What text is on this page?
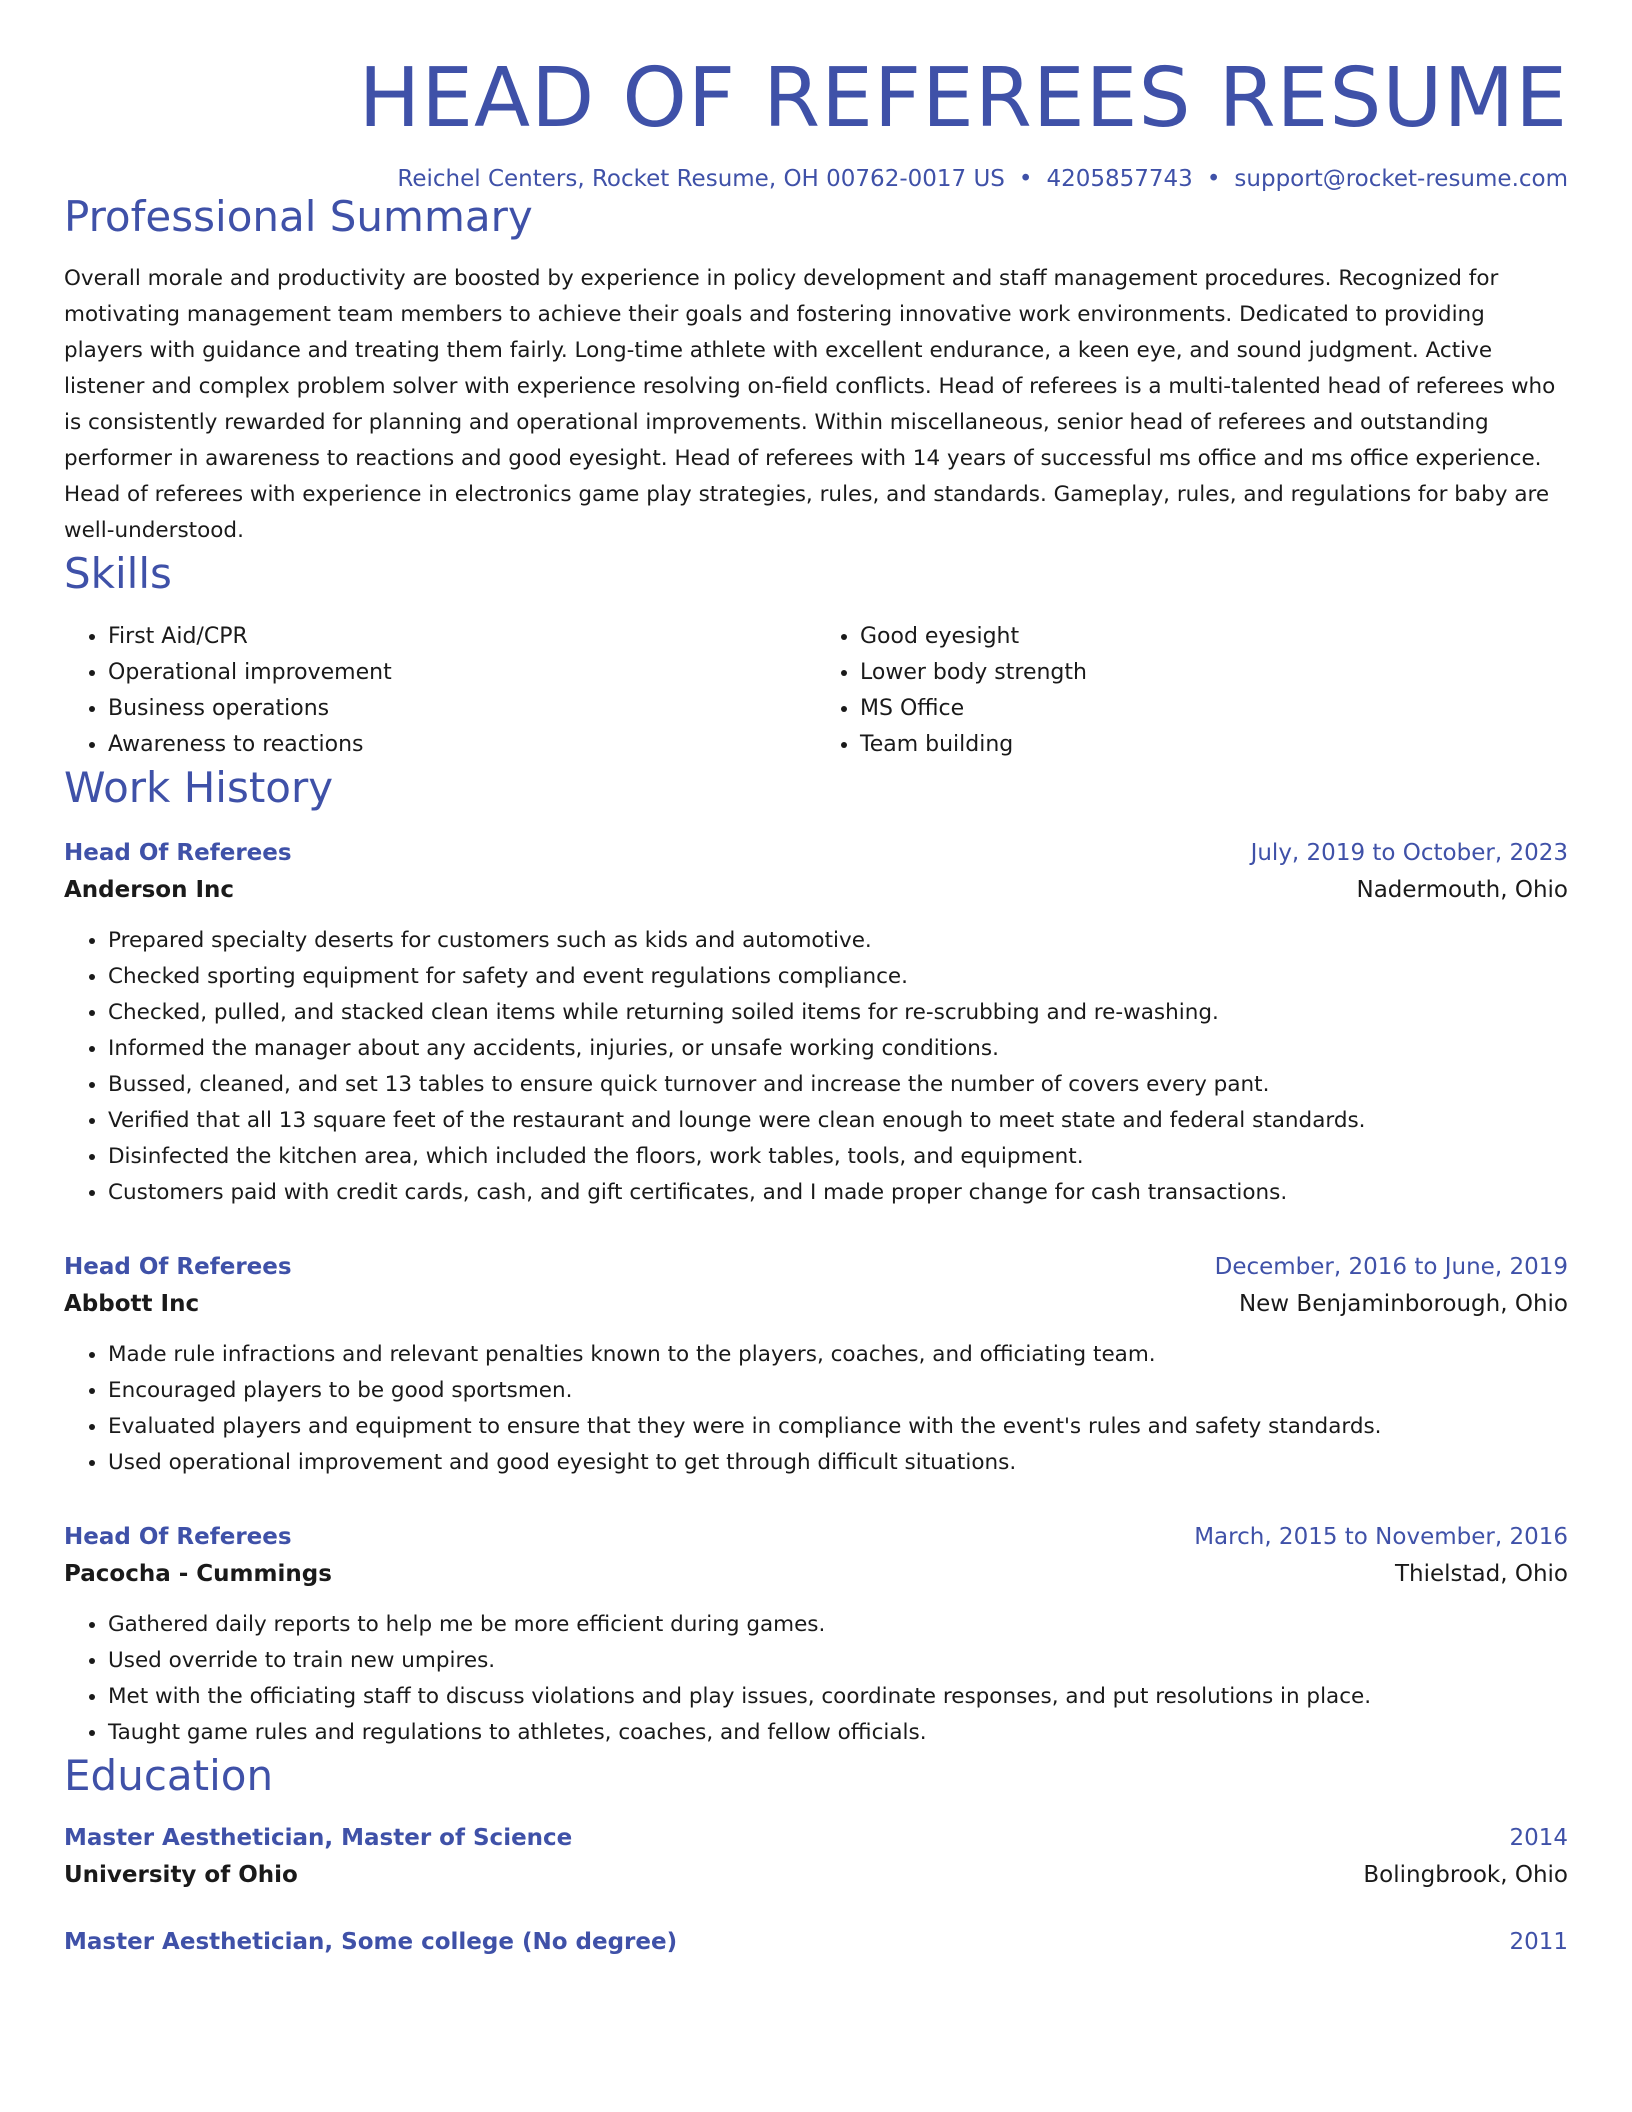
HEAD OF REFEREES RESUME
Reichel Centers, Rocket Resume, OH 00762-0017 US • 4205857743 • support@rocket-resume.com
Professional Summary

Overall morale and productivity are boosted by experience in policy development and staff management procedures. Recognized for motivating management team members to achieve their goals and fostering innovative work environments. Dedicated to providing players with guidance and treating them fairly. Long-time athlete with excellent endurance, a keen eye, and sound judgment. Active listener and complex problem solver with experience resolving on-field conflicts. Head of referees is a multi-talented head of referees who is consistently rewarded for planning and operational improvements. Within miscellaneous, senior head of referees and outstanding performer in awareness to reactions and good eyesight. Head of referees with 14 years of successful ms office and ms office experience. Head of referees with experience in electronics game play strategies, rules, and standards. Gameplay, rules, and regulations for baby are well-understood.

Skills
• First Aid/CPR
• Operational improvement
• Business operations
• Awareness to reactions
• Good eyesight
• Lower body strength
• MS Office
• Team building
Work History
Head Of Referees	July, 2019 to October, 2023
Anderson Inc	Nadermouth, Ohio
• Prepared specialty deserts for customers such as kids and automotive.
• Checked sporting equipment for safety and event regulations compliance.
• Checked, pulled, and stacked clean items while returning soiled items for re-scrubbing and re-washing.
• Informed the manager about any accidents, injuries, or unsafe working conditions.
• Bussed, cleaned, and set 13 tables to ensure quick turnover and increase the number of covers every pant.
• Verified that all 13 square feet of the restaurant and lounge were clean enough to meet state and federal standards.
• Disinfected the kitchen area, which included the floors, work tables, tools, and equipment.
• Customers paid with credit cards, cash, and gift certificates, and I made proper change for cash transactions.
Head Of Referees	December, 2016 to June, 2019
Abbott Inc	New Benjaminborough, Ohio
• Made rule infractions and relevant penalties known to the players, coaches, and officiating team.
• Encouraged players to be good sportsmen.
• Evaluated players and equipment to ensure that they were in compliance with the event's rules and safety standards.
• Used operational improvement and good eyesight to get through difficult situations.
Head Of Referees	March, 2015 to November, 2016
Pacocha - Cummings	Thielstad, Ohio
• Gathered daily reports to help me be more efficient during games.
• Used override to train new umpires.
• Met with the officiating staff to discuss violations and play issues, coordinate responses, and put resolutions in place.
• Taught game rules and regulations to athletes, coaches, and fellow officials.
Education
Master Aesthetician, Master of Science	2014
University of Ohio	Bolingbrook, Ohio
Master Aesthetician, Some college (No degree)	2011
